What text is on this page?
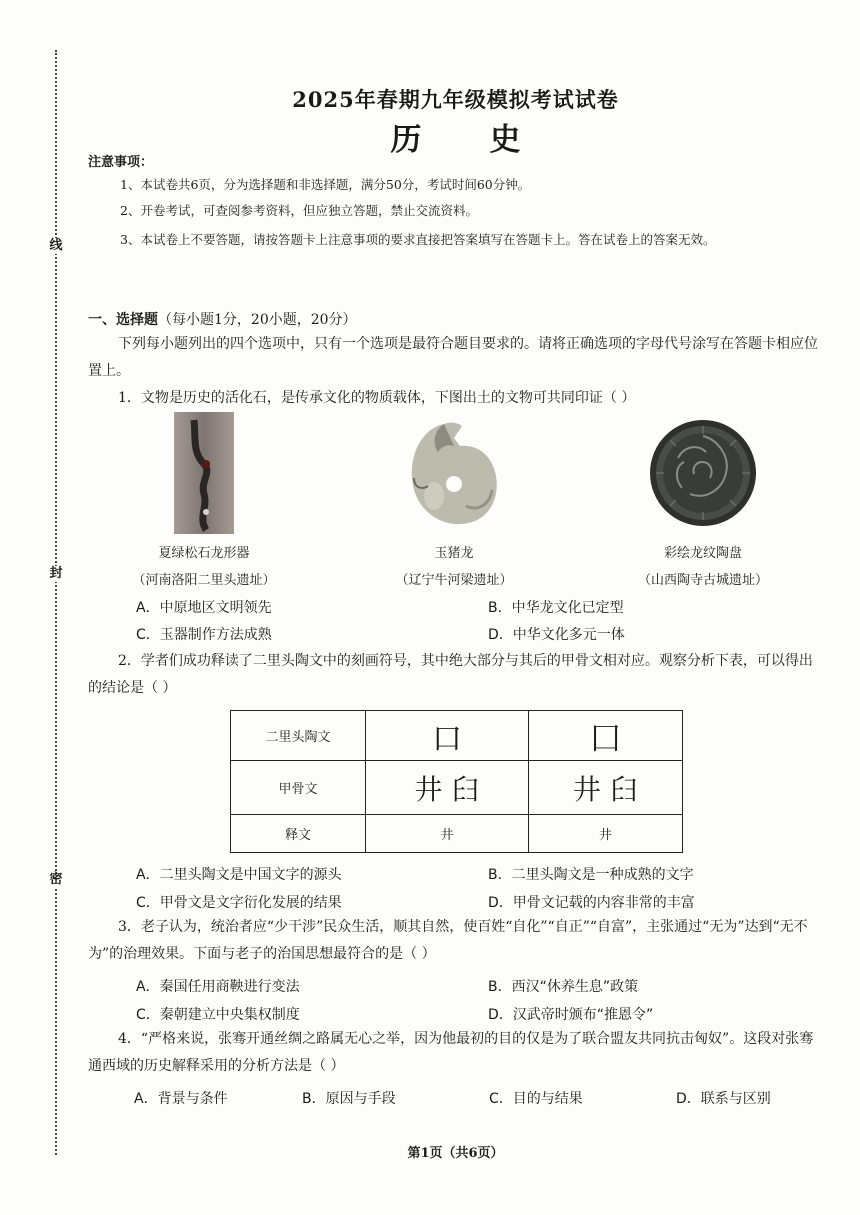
线
封
密
2025年春期九年级模拟考试试卷
历史
注意事项：
1、本试卷共6页，分为选择题和非选择题，满分50分，考试时间60分钟。
2、开卷考试，可查阅参考资料，但应独立答题，禁止交流资料。
3、本试卷上不要答题，请按答题卡上注意事项的要求直接把答案填写在答题卡上。答在试卷上的答案无效。
一、选择题（每小题1分，20小题，20分）
下列每小题列出的四个选项中，只有一个选项是最符合题目要求的。请将正确选项的字母代号涂写在答题卡相应位置上。
1．文物是历史的活化石，是传承文化的物质载体，下图出土的文物可共同印证（ ）
夏绿松石龙形器
（河南洛阳二里头遗址）
玉猪龙
（辽宁牛河梁遗址）
彩绘龙纹陶盘
（山西陶寺古城遗址）
A．中原地区文明领先	B．中华龙文化已定型
C．玉器制作方法成熟	D．中华文化多元一体
2．学者们成功释读了二里头陶文中的刻画符号，其中绝大部分与其后的甲骨文相对应。观察分析下表，可以得出的结论是（ ）
二里头陶文	口	囗
甲骨文	井 𦥑	井 𦥑
释文	井	井
A．二里头陶文是中国文字的源头	B．二里头陶文是一种成熟的文字
C．甲骨文是文字衍化发展的结果	D．甲骨文记载的内容非常的丰富
3．老子认为，统治者应“少干涉”民众生活，顺其自然，使百姓“自化”“自正”“自富”，主张通过“无为”达到“无不为”的治理效果。下面与老子的治国思想最符合的是（ ）
A．秦国任用商鞅进行变法	B．西汉“休养生息”政策
C．秦朝建立中央集权制度	D．汉武帝时颁布“推恩令”
4．“严格来说，张骞开通丝绸之路属无心之举，因为他最初的目的仅是为了联合盟友共同抗击匈奴”。这段对张骞通西域的历史解释采用的分析方法是（ ）
A．背景与条件	B．原因与手段	C．目的与结果	D．联系与区别
第1页（共6页）
